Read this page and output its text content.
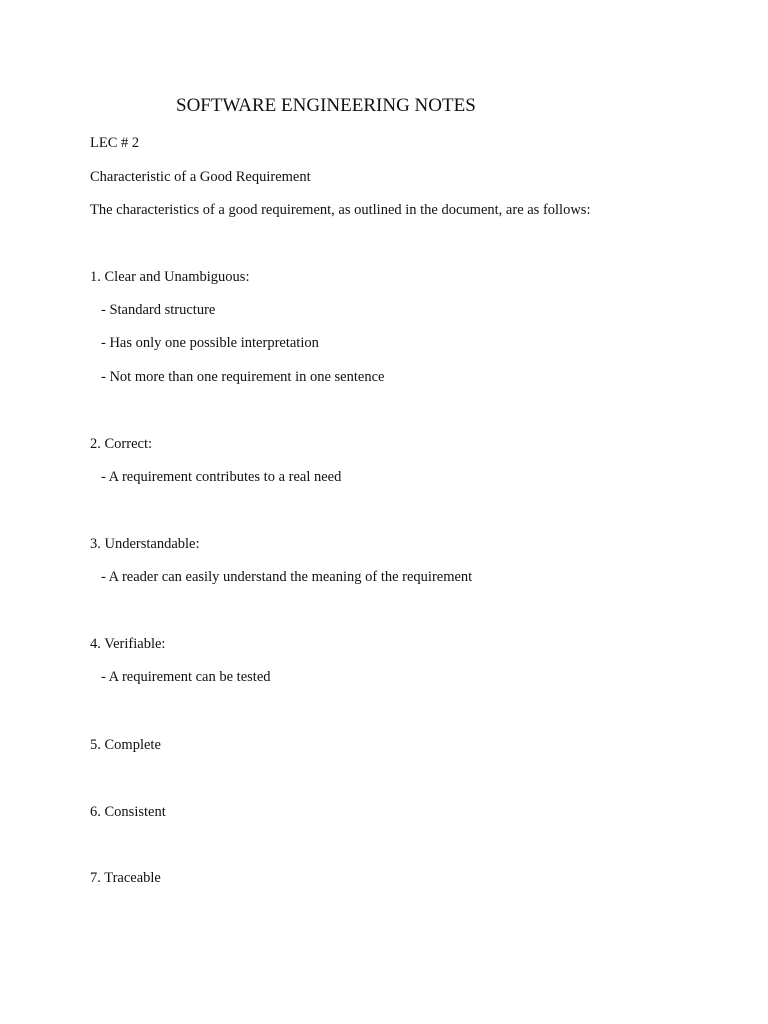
SOFTWARE ENGINEERING NOTES
LEC # 2
Characteristic of a Good Requirement
The characteristics of a good requirement, as outlined in the document, are as follows:
1. Clear and Unambiguous:
- Standard structure
- Has only one possible interpretation
- Not more than one requirement in one sentence
2. Correct:
- A requirement contributes to a real need
3. Understandable:
- A reader can easily understand the meaning of the requirement
4. Verifiable:
- A requirement can be tested
5. Complete
6. Consistent
7. Traceable
